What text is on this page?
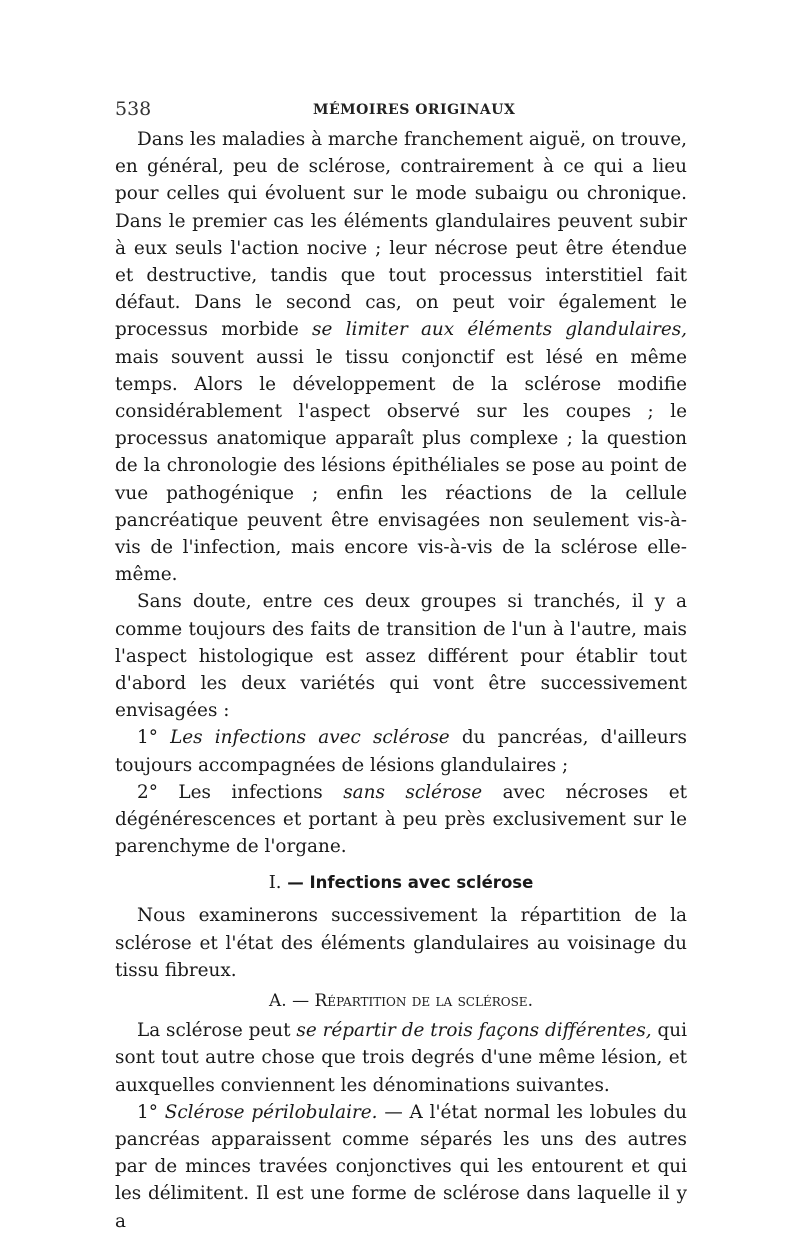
538	MÉMOIRES ORIGINAUX

Dans les maladies à marche franchement aiguë, on trouve, en général, peu de sclérose, contrairement à ce qui a lieu pour celles qui évoluent sur le mode subaigu ou chronique. Dans le premier cas les éléments glandulaires peuvent subir à eux seuls l'action nocive ; leur nécrose peut être étendue et destructive, tandis que tout processus interstitiel fait défaut. Dans le second cas, on peut voir également le processus morbide se limiter aux éléments glandulaires, mais souvent aussi le tissu conjonctif est lésé en même temps. Alors le développement de la sclérose modifie considérablement l'aspect observé sur les coupes ; le processus anatomique apparaît plus complexe ; la question de la chronologie des lésions épithéliales se pose au point de vue pathogénique ; enfin les réactions de la cellule pancréatique peuvent être envisagées non seulement vis-à-vis de l'infection, mais encore vis-à-vis de la sclérose elle-même.

Sans doute, entre ces deux groupes si tranchés, il y a comme toujours des faits de transition de l'un à l'autre, mais l'aspect histologique est assez différent pour établir tout d'abord les deux variétés qui vont être successivement envisagées :

1° Les infections avec sclérose du pancréas, d'ailleurs toujours accompagnées de lésions glandulaires ;

2° Les infections sans sclérose avec nécroses et dégénérescences et portant à peu près exclusivement sur le parenchyme de l'organe.

I. — Infections avec sclérose

Nous examinerons successivement la répartition de la sclérose et l'état des éléments glandulaires au voisinage du tissu fibreux.

A. — Répartition de la sclérose.

La sclérose peut se répartir de trois façons différentes, qui sont tout autre chose que trois degrés d'une même lésion, et auxquelles conviennent les dénominations suivantes.

1° Sclérose périlobulaire. — A l'état normal les lobules du pancréas apparaissent comme séparés les uns des autres par de minces travées conjonctives qui les entourent et qui les délimitent. Il est une forme de sclérose dans laquelle il y a
